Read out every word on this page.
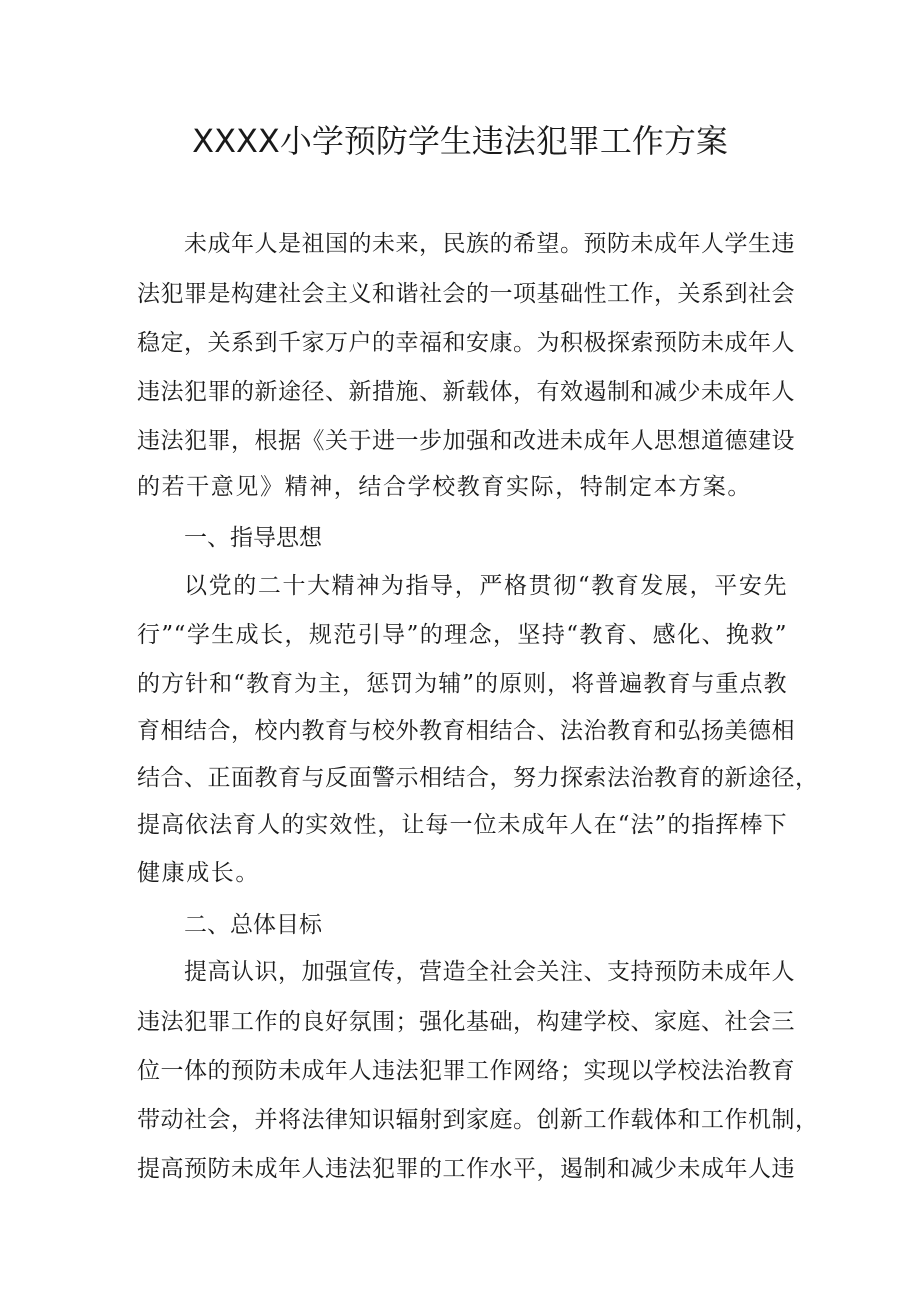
XXXX小学预防学生违法犯罪工作方案
未成年人是祖国的未来，民族的希望。预防未成年人学生违
法犯罪是构建社会主义和谐社会的一项基础性工作，关系到社会
稳定，关系到千家万户的幸福和安康。为积极探索预防未成年人
违法犯罪的新途径、新措施、新载体，有效遏制和减少未成年人
违法犯罪，根据《关于进一步加强和改进未成年人思想道德建设
的若干意见》精神，结合学校教育实际，特制定本方案。
一、指导思想
以党的二十大精神为指导，严格贯彻“教育发展，平安先
行”“学生成长，规范引导”的理念，坚持“教育、感化、挽救”
的方针和“教育为主，惩罚为辅”的原则，将普遍教育与重点教
育相结合，校内教育与校外教育相结合、法治教育和弘扬美德相
结合、正面教育与反面警示相结合，努力探索法治教育的新途径，
提高依法育人的实效性，让每一位未成年人在“法”的指挥棒下
健康成长。
二、总体目标
提高认识，加强宣传，营造全社会关注、支持预防未成年人
违法犯罪工作的良好氛围；强化基础，构建学校、家庭、社会三
位一体的预防未成年人违法犯罪工作网络；实现以学校法治教育
带动社会，并将法律知识辐射到家庭。创新工作载体和工作机制，
提高预防未成年人违法犯罪的工作水平，遏制和减少未成年人违
